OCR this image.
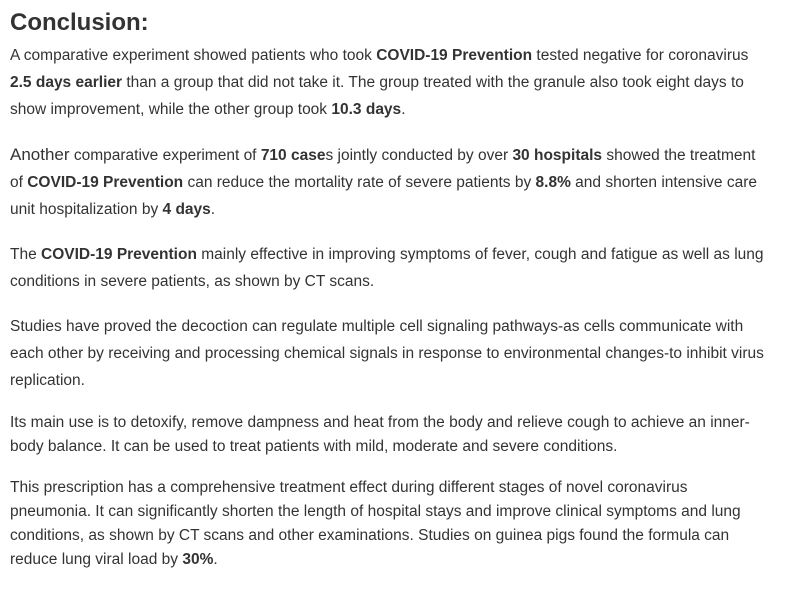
Conclusion:

A comparative experiment showed patients who took COVID-19 Prevention tested negative for coronavirus 2.5 days earlier than a group that did not take it. The group treated with the granule also took eight days to show improvement, while the other group took 10.3 days.

Another comparative experiment of 710 cases jointly conducted by over 30 hospitals showed the treatment of COVID-19 Prevention can reduce the mortality rate of severe patients by 8.8% and shorten intensive care unit hospitalization by 4 days.

The COVID-19 Prevention mainly effective in improving symptoms of fever, cough and fatigue as well as lung conditions in severe patients, as shown by CT scans.

Studies have proved the decoction can regulate multiple cell signaling pathways-as cells communicate with each other by receiving and processing chemical signals in response to environmental changes-to inhibit virus replication.

Its main use is to detoxify, remove dampness and heat from the body and relieve cough to achieve an inner-body balance. It can be used to treat patients with mild, moderate and severe conditions.

This prescription has a comprehensive treatment effect during different stages of novel coronavirus pneumonia. It can significantly shorten the length of hospital stays and improve clinical symptoms and lung conditions, as shown by CT scans and other examinations. Studies on guinea pigs found the formula can reduce lung viral load by 30%.
